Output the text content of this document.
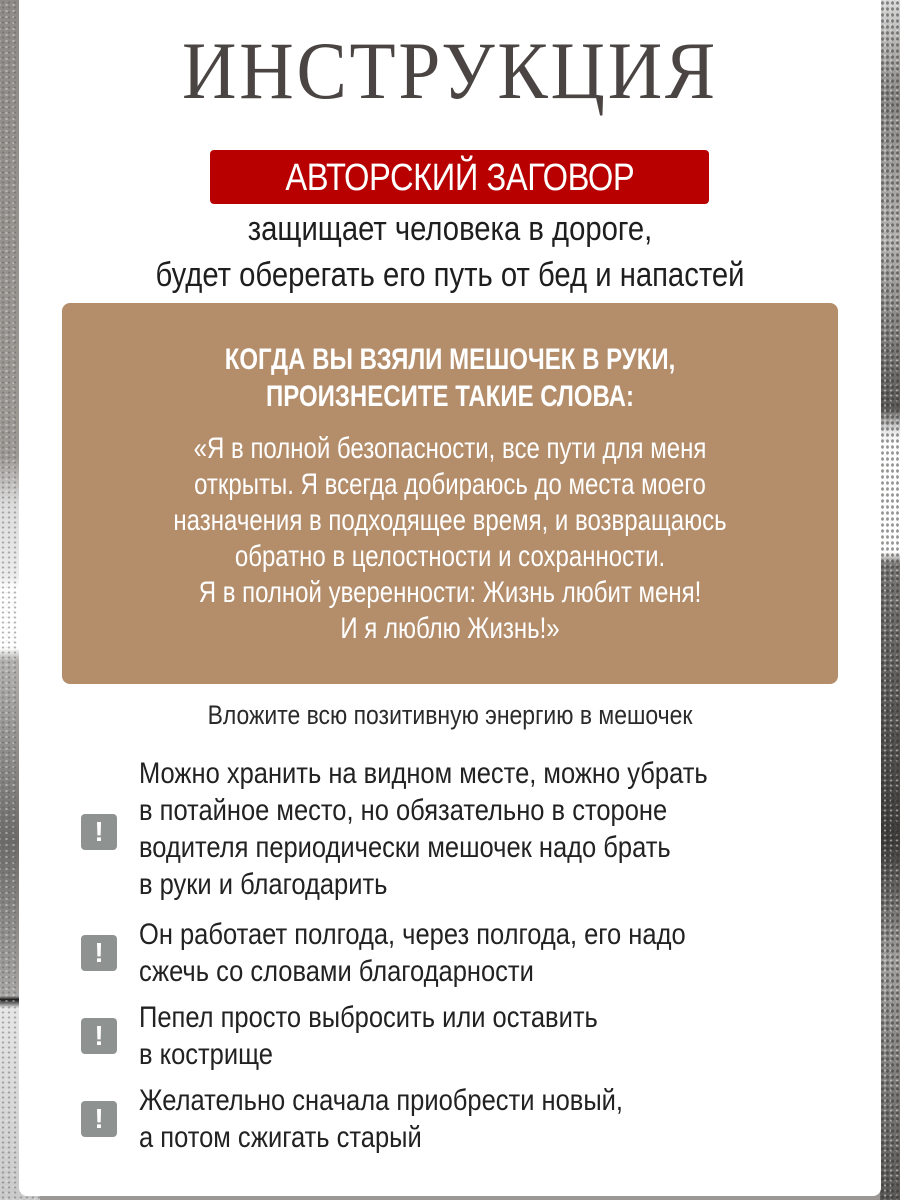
ИНСТРУКЦИЯ
АВТОРСКИЙ ЗАГОВОР
защищает человека в дороге,
будет оберегать его путь от бед и напастей
КОГДА ВЫ ВЗЯЛИ МЕШОЧЕК В РУКИ,
ПРОИЗНЕСИТЕ ТАКИЕ СЛОВА:
«Я в полной безопасности, все пути для меня
открыты. Я всегда добираюсь до места моего
назначения в подходящее время, и возвращаюсь
обратно в целостности и сохранности.
Я в полной уверенности: Жизнь любит меня!
И я люблю Жизнь!»
Вложите всю позитивную энергию в мешочек
!
Можно хранить на видном месте, можно убрать
в потайное место, но обязательно в стороне
водителя периодически мешочек надо брать
в руки и благодарить
!
Он работает полгода, через полгода, его надо
сжечь со словами благодарности
!
Пепел просто выбросить или оставить
в кострище
!
Желательно сначала приобрести новый,
а потом сжигать старый
